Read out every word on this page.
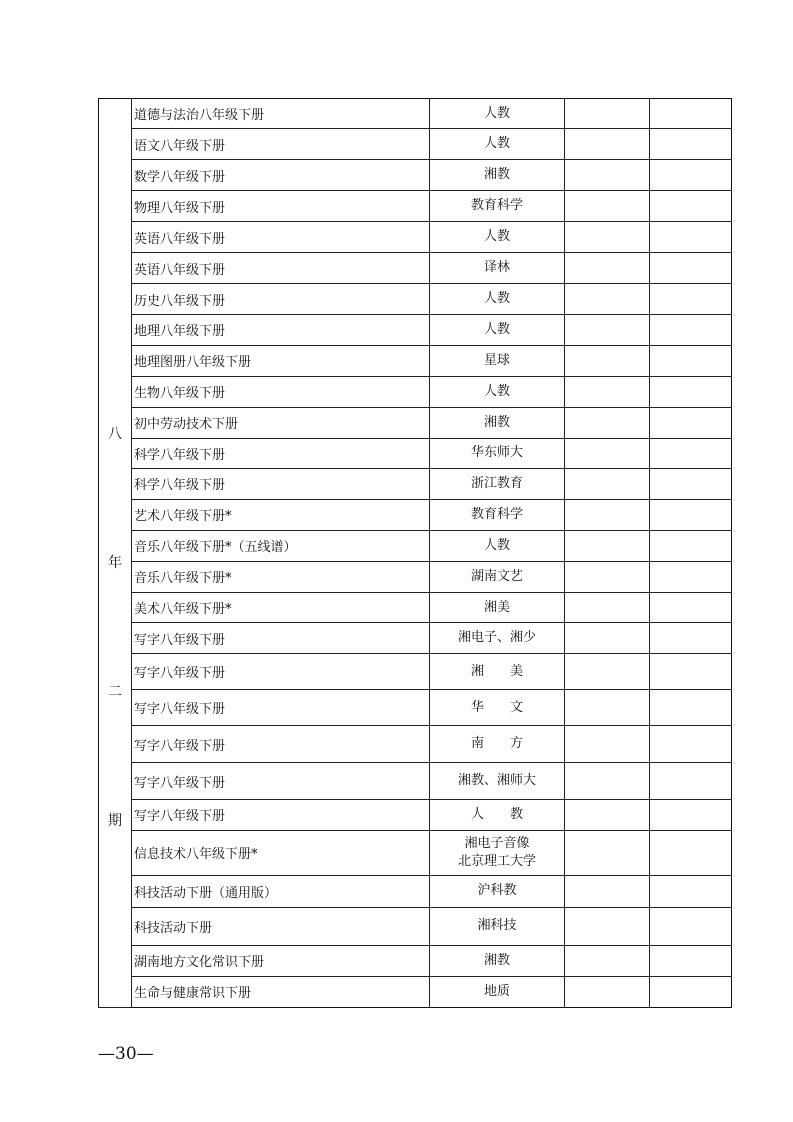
八
年
二
期	道德与法治八年级下册	人教		
	语文八年级下册	人教		
	数学八年级下册	湘教		
	物理八年级下册	教育科学		
	英语八年级下册	人教		
	英语八年级下册	译林		
	历史八年级下册	人教		
	地理八年级下册	人教		
	地理图册八年级下册	星球		
	生物八年级下册	人教		
	初中劳动技术下册	湘教		
	科学八年级下册	华东师大		
	科学八年级下册	浙江教育		
	艺术八年级下册*	教育科学		
	音乐八年级下册*（五线谱）	人教		
	音乐八年级下册*	湖南文艺		
	美术八年级下册*	湘美		
	写字八年级下册	湘电子、湘少		
	写字八年级下册	湘　　美		
	写字八年级下册	华　　文		
	写字八年级下册	南　　方		
	写字八年级下册	湘教、湘师大		
	写字八年级下册	人　　教		
	信息技术八年级下册*	湘电子音像
北京理工大学		
	科技活动下册（通用版）	沪科教		
	科技活动下册	湘科技		
	湖南地方文化常识下册	湘教		
	生命与健康常识下册	地质		
—30—
